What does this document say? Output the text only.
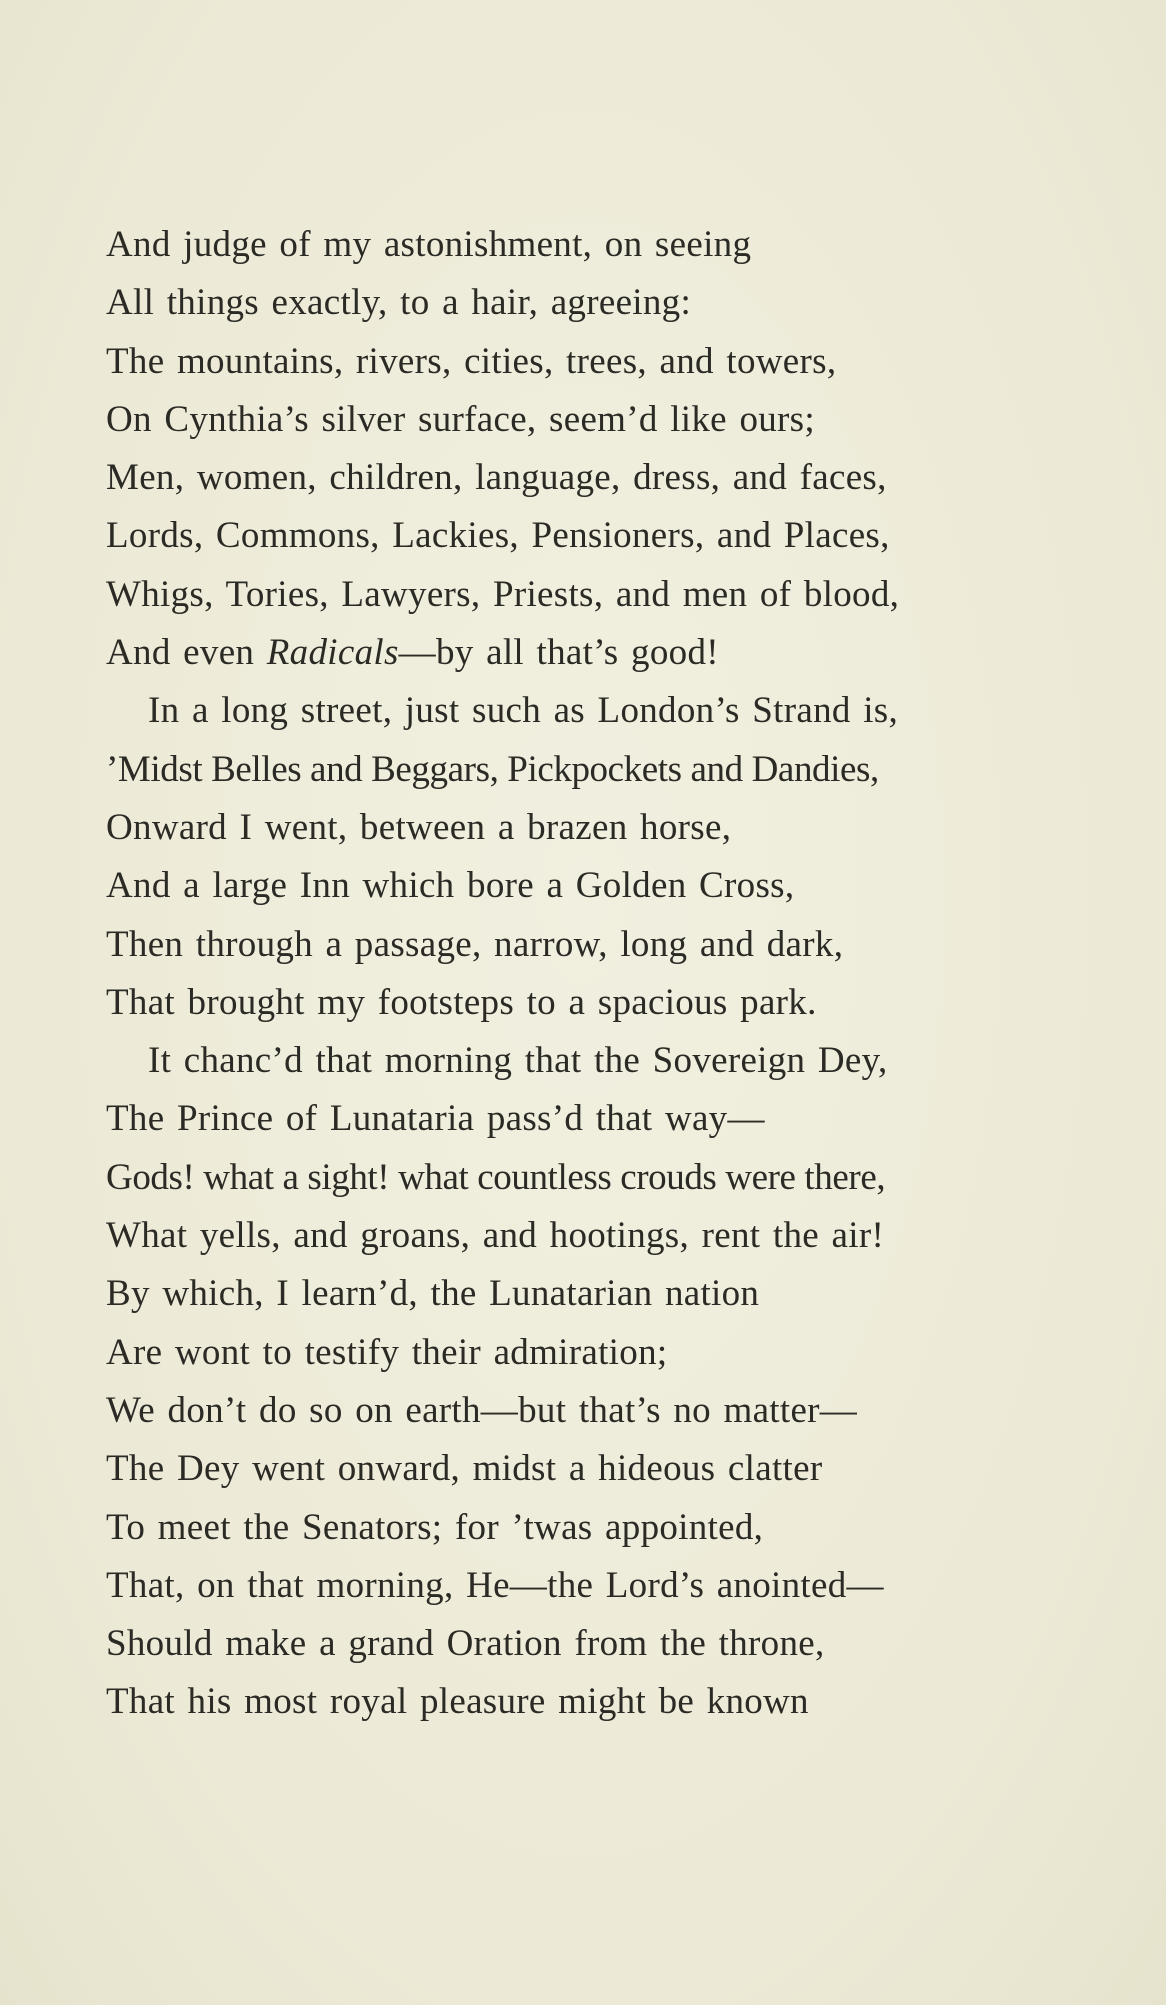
And judge of my astonishment, on seeing
All things exactly, to a hair, agreeing:
The mountains, rivers, cities, trees, and towers,
On Cynthia’s silver surface, seem’d like ours;
Men, women, children, language, dress, and faces,
Lords, Commons, Lackies, Pensioners, and Places,
Whigs, Tories, Lawyers, Priests, and men of blood,
And even Radicals—by all that’s good!
In a long street, just such as London’s Strand is,
’Midst Belles and Beggars, Pickpockets and Dandies,
Onward I went, between a brazen horse,
And a large Inn which bore a Golden Cross,
Then through a passage, narrow, long and dark,
That brought my footsteps to a spacious park.
It chanc’d that morning that the Sovereign Dey,
The Prince of Lunataria pass’d that way—
Gods! what a sight! what countless crouds were there,
What yells, and groans, and hootings, rent the air!
By which, I learn’d, the Lunatarian nation
Are wont to testify their admiration;
We don’t do so on earth—but that’s no matter—
The Dey went onward, midst a hideous clatter
To meet the Senators; for ’twas appointed,
That, on that morning, He—the Lord’s anointed—
Should make a grand Oration from the throne,
That his most royal pleasure might be known
